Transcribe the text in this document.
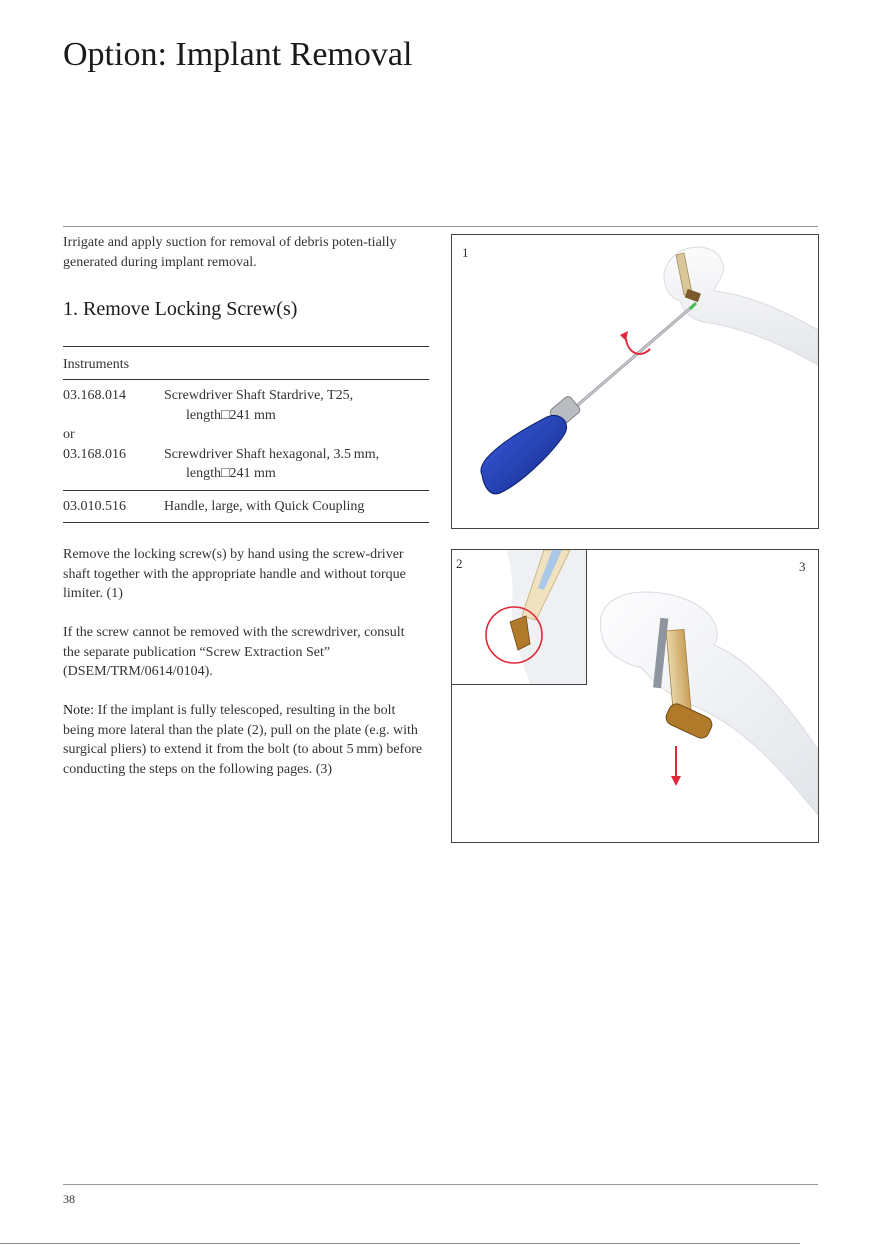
Option: Implant Removal

Irrigate and apply suction for removal of debris poten-tially generated during implant removal.

1. Remove Locking Screw(s)
Instruments
03.168.014	Screwdriver Shaft Stardrive, T25,
length□241 mm
or
03.168.016	Screwdriver Shaft hexagonal, 3.5 mm,
length□241 mm
03.010.516	Handle, large, with Quick Coupling

Remove the locking screw(s) by hand using the screw-driver shaft together with the appropriate handle and without torque limiter. (1)

If the screw cannot be removed with the screwdriver, consult the separate publication “Screw Extraction Set” (DSEM/TRM/0614/0104).

Note: If the implant is fully telescoped, resulting in the bolt being more lateral than the plate (2), pull on the plate (e.g. with surgical pliers) to extend it from the bolt (to about 5 mm) before conducting the steps on the following pages. (3)

1
3
2
38
